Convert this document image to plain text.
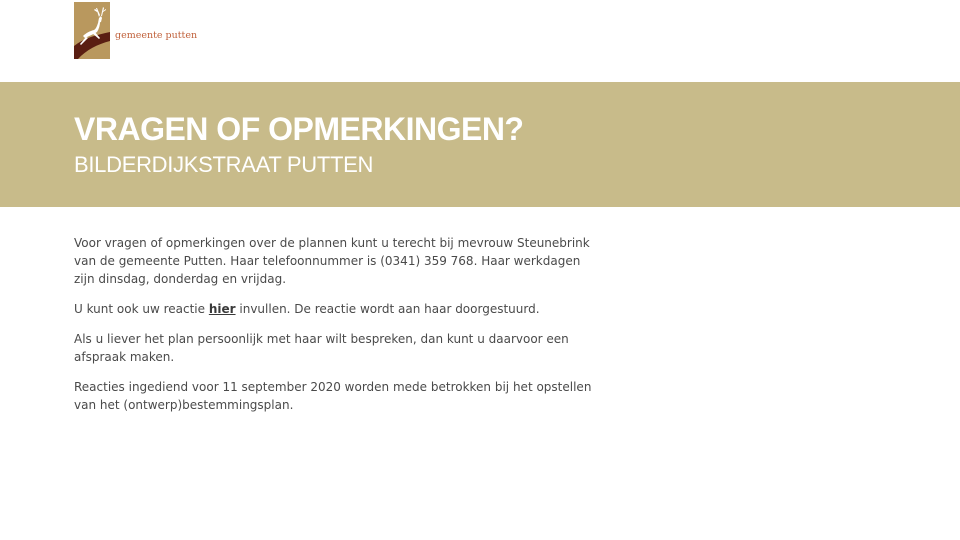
gemeente putten
VRAGEN OF OPMERKINGEN?
BILDERDIJKSTRAAT PUTTEN

Voor vragen of opmerkingen over de plannen kunt u terecht bij mevrouw Steunebrink van de gemeente Putten. Haar telefoonnummer is (0341) 359 768. Haar werkdagen zijn dinsdag, donderdag en vrijdag.

U kunt ook uw reactie hier invullen. De reactie wordt aan haar doorgestuurd.

Als u liever het plan persoonlijk met haar wilt bespreken, dan kunt u daarvoor een afspraak maken.

Reacties ingediend voor 11 september 2020 worden mede betrokken bij het opstellen van het (ontwerp)bestemmingsplan.
